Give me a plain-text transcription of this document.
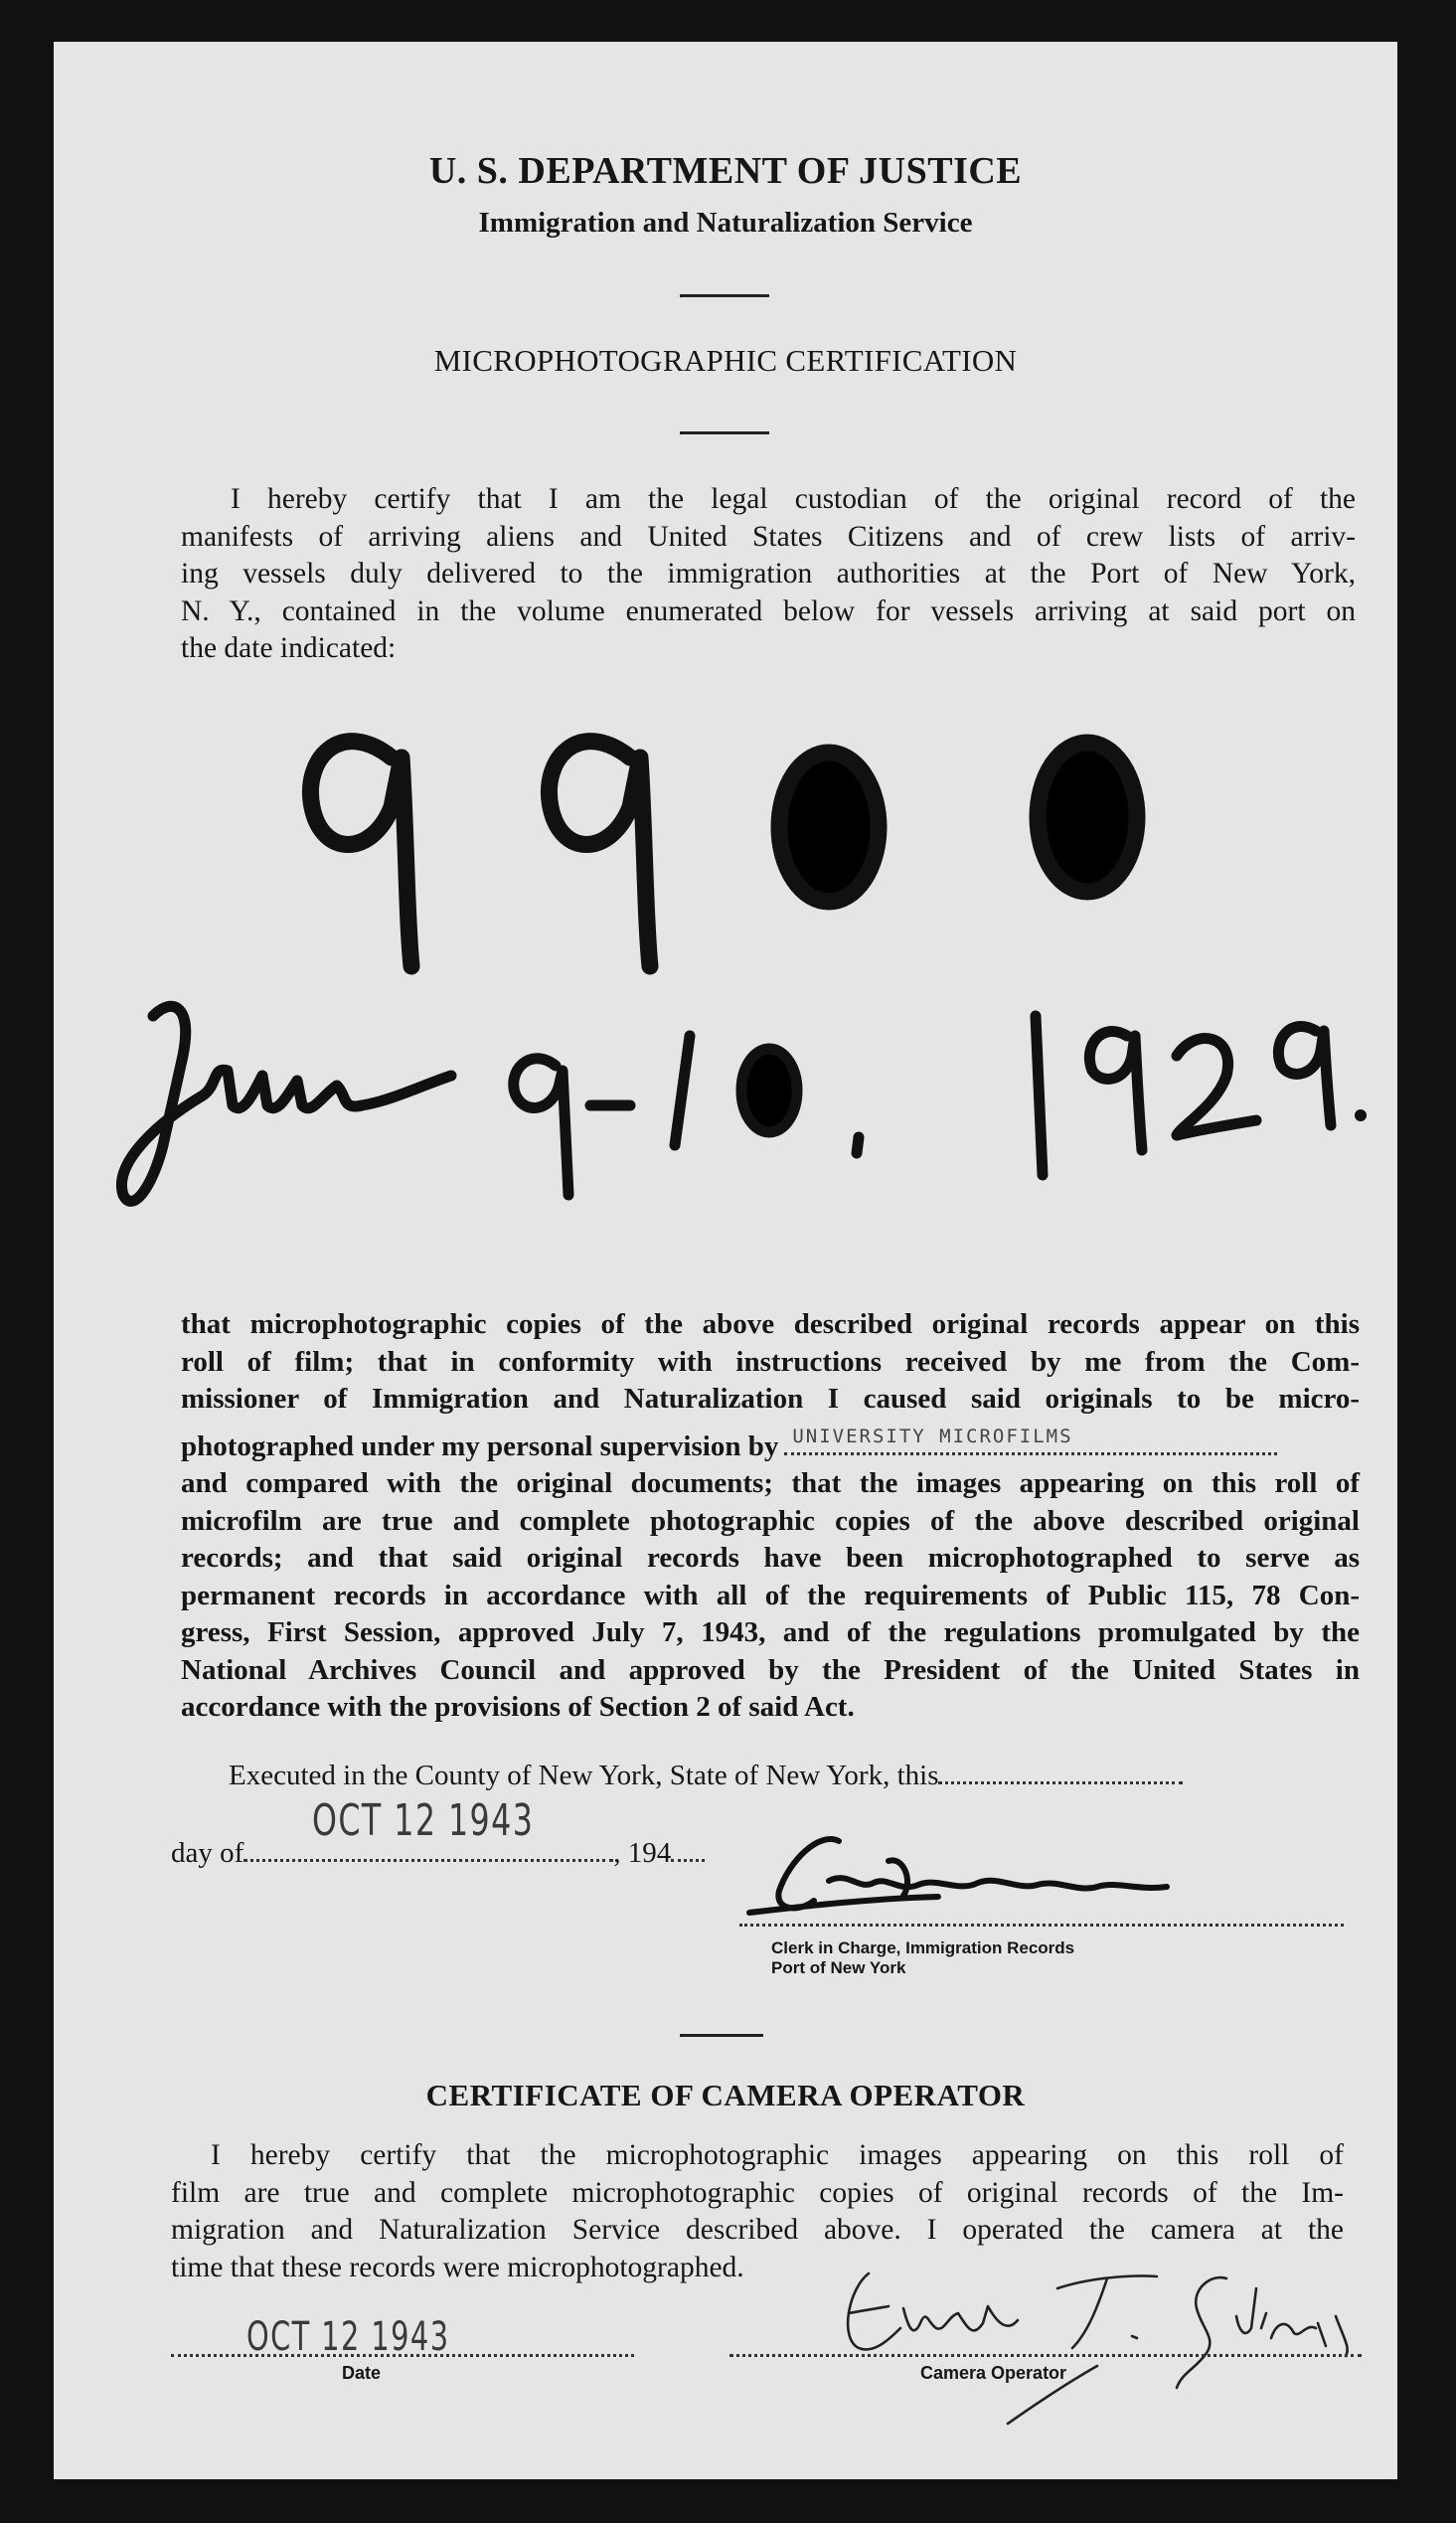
U. S. DEPARTMENT OF JUSTICE
Immigration and Naturalization Service
MICROPHOTOGRAPHIC CERTIFICATION
I hereby certify that I am the legal custodian of the original record of the
manifests of arriving aliens and United States Citizens and of crew lists of arriv-
ing vessels duly delivered to the immigration authorities at the Port of New York,
N. Y., contained in the volume enumerated below for vessels arriving at said port on
the date indicated:
that microphotographic copies of the above described original records appear on this
roll of film; that in conformity with instructions received by me from the Com-
missioner of Immigration and Naturalization I caused said originals to be micro-
photographed under my personal supervision by UNIVERSITY MICROFILMS
and compared with the original documents; that the images appearing on this roll of
microfilm are true and complete photographic copies of the above described original
records; and that said original records have been microphotographed to serve as
permanent records in accordance with all of the requirements of Public 115, 78 Con-
gress, First Session, approved July 7, 1943, and of the regulations promulgated by the
National Archives Council and approved by the President of the United States in
accordance with the provisions of Section 2 of said Act.
Executed in the County of New York, State of New York, this
OCT 12 1943
day of	, 194
Clerk in Charge, Immigration Records
Port of New York
CERTIFICATE OF CAMERA OPERATOR
I hereby certify that the microphotographic images appearing on this roll of
film are true and complete microphotographic copies of original records of the Im-
migration and Naturalization Service described above. I operated the camera at the
time that these records were microphotographed.
OCT 12 1943
Date	Camera Operator
